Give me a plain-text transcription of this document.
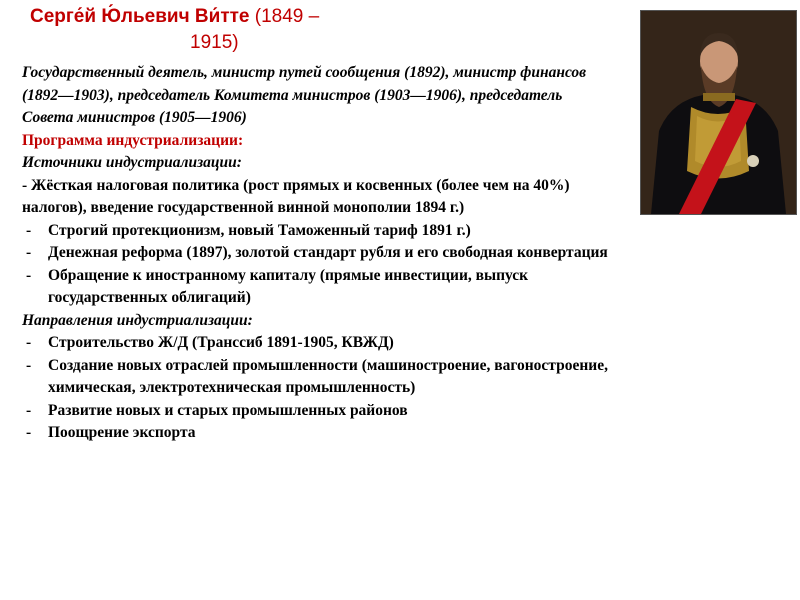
Серге́й Ю́льевич Ви́тте (1849 –
1915)

Государственный деятель, министр путей сообщения (1892), министр финансов (1892—1903), председатель Комитета министров (1903—1906), председатель Совета министров (1905—1906)

Программа индустриализации:

Источники индустриализации:

- Жёсткая налоговая политика (рост прямых и косвенных (более чем на 40%) налогов), введение государственной винной монополии 1894 г.)

- Строгий протекционизм, новый Таможенный тариф 1891 г.)
- Денежная реформа (1897), золотой стандарт рубля и его свободная конвертация
- Обращение к иностранному капиталу (прямые инвестиции, выпуск государственных облигаций)

Направления индустриализации:

- Строительство Ж/Д (Транссиб 1891-1905, КВЖД)
- Создание новых отраслей промышленности (машиностроение, вагоностроение, химическая, электротехническая промышленность)
- Развитие новых и старых промышленных районов
- Поощрение экспорта
